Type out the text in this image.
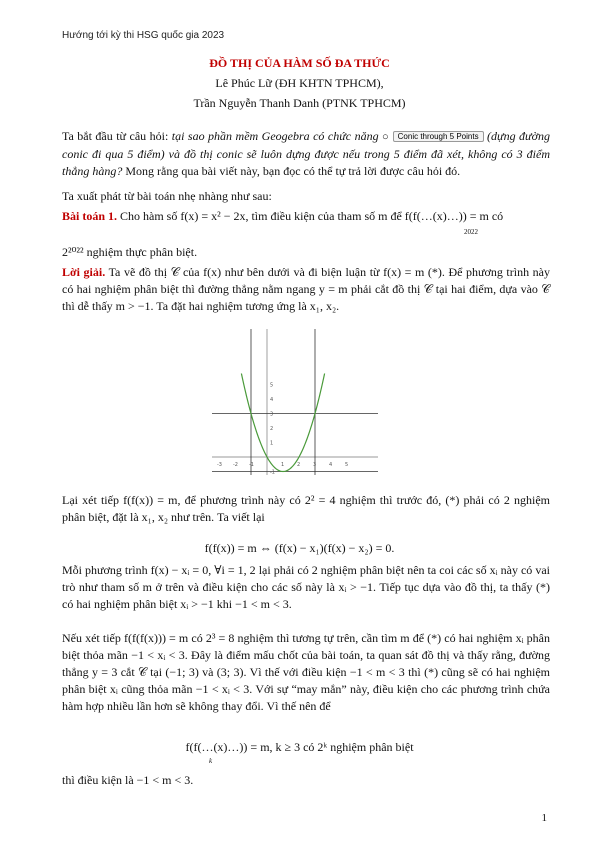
Hướng tới kỳ thi HSG quốc gia 2023
ĐỒ THỊ CỦA HÀM SỐ ĐA THỨC
Lê Phúc Lữ (ĐH KHTN TPHCM),
Trần Nguyễn Thanh Danh (PTNK TPHCM)
Ta bắt đầu từ câu hỏi: tại sao phần mềm Geogebra có chức năng ○ Conic through 5 Points (dựng đường conic đi qua 5 điểm) và đồ thị conic sẽ luôn dựng được nếu trong 5 điểm đã xét, không có 3 điểm thẳng hàng? Mong rằng qua bài viết này, bạn đọc có thể tự trả lời được câu hỏi đó.
Ta xuất phát từ bài toán nhẹ nhàng như sau:
Bài toán 1. Cho hàm số f(x) = x² − 2x, tìm điều kiện của tham số m để f(f(…(x)…)) = m có
2022
2²⁰²² nghiệm thực phân biệt.
Lời giải. Ta vẽ đồ thị 𝒞 của f(x) như bên dưới và đi biện luận từ f(x) = m (*). Để phương trình này có hai nghiệm phân biệt thì đường thẳng nằm ngang y = m phải cắt đồ thị 𝒞 tại hai điểm, dựa vào 𝒞 thì dễ thấy m > −1. Ta đặt hai nghiệm tương ứng là x₁, x₂.
-3 -2 -1	1	2	3	4	5
5
4
3
2
1
-1
Lại xét tiếp f(f(x)) = m, để phương trình này có 2² = 4 nghiệm thì trước đó, (*) phải có 2 nghiệm phân biệt, đặt là x₁, x₂ như trên. Ta viết lại
f(f(x)) = m ⇔ (f(x) − x₁)(f(x) − x₂) = 0.
Mỗi phương trình f(x) − xᵢ = 0, ∀i = 1, 2 lại phải có 2 nghiệm phân biệt nên ta coi các số xᵢ này có vai trò như tham số m ở trên và điều kiện cho các số này là xᵢ > −1. Tiếp tục dựa vào đồ thị, ta thấy (*) có hai nghiệm phân biệt xᵢ > −1 khi −1 < m < 3.
Nếu xét tiếp f(f(f(x))) = m có 2³ = 8 nghiệm thì tương tự trên, cần tìm m để (*) có hai nghiệm xᵢ phân biệt thỏa mãn −1 < xᵢ < 3. Đây là điểm mấu chốt của bài toán, ta quan sát đồ thị và thấy rằng, đường thẳng y = 3 cắt 𝒞 tại (−1; 3) và (3; 3). Vì thế với điều kiện −1 < m < 3 thì (*) cũng sẽ có hai nghiệm phân biệt xᵢ cũng thỏa mãn −1 < xᵢ < 3. Với sự “may mắn” này, điều kiện cho các phương trình chứa hàm hợp nhiều lần hơn sẽ không thay đổi. Vì thế nên để
f(f(…(x)…)) = m, k ≥ 3 có 2ᵏ nghiệm phân biệt
k
thì điều kiện là −1 < m < 3.
1
